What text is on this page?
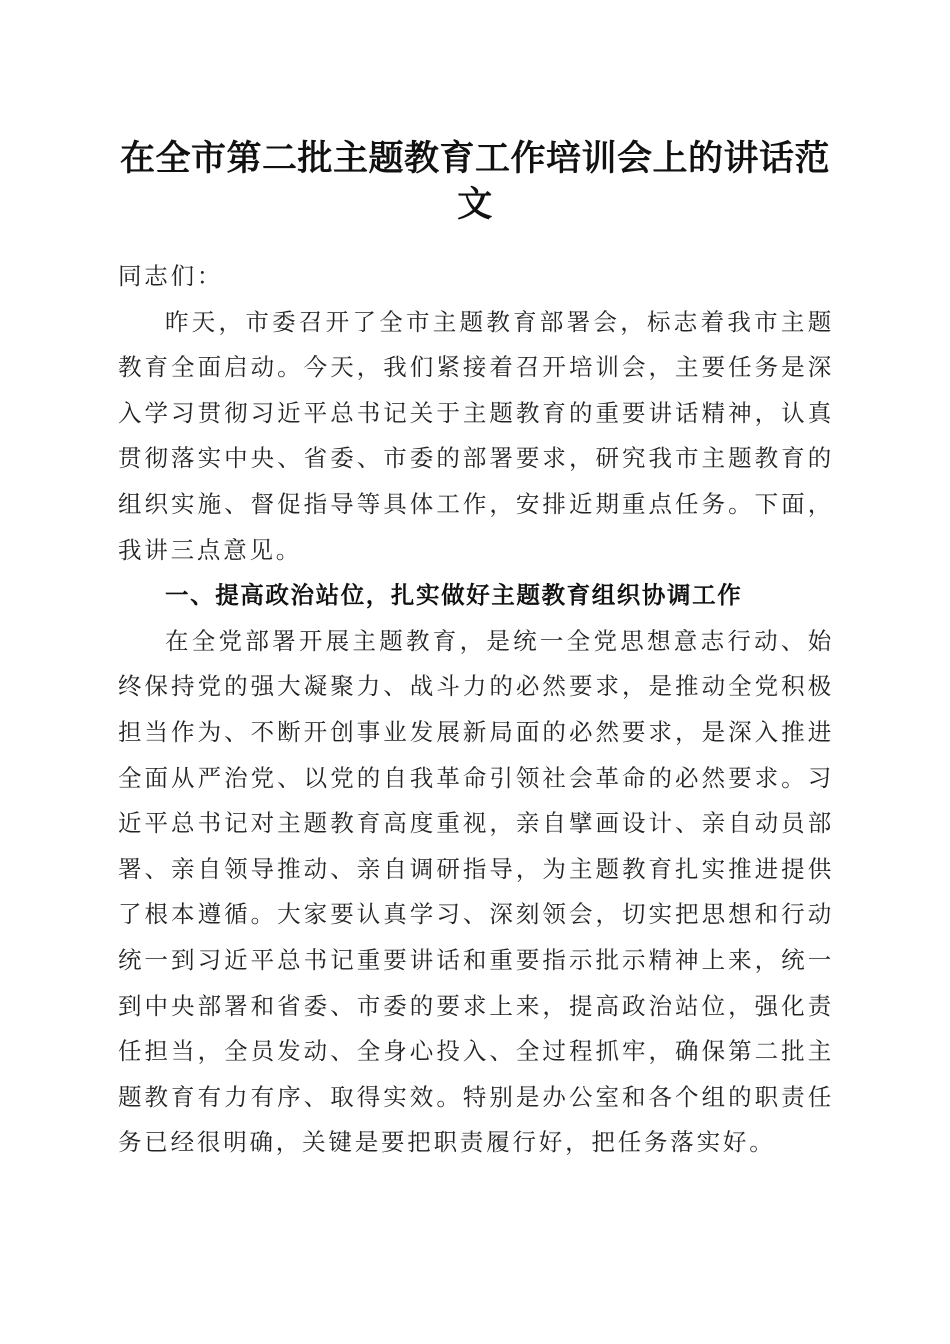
在全市第二批主题教育工作培训会上的讲话范文

同志们：

昨天，市委召开了全市主题教育部署会，标志着我市主题教育全面启动。今天，我们紧接着召开培训会，主要任务是深入学习贯彻习近平总书记关于主题教育的重要讲话精神，认真贯彻落实中央、省委、市委的部署要求，研究我市主题教育的组织实施、督促指导等具体工作，安排近期重点任务。下面，我讲三点意见。

一、提高政治站位，扎实做好主题教育组织协调工作

在全党部署开展主题教育，是统一全党思想意志行动、始终保持党的强大凝聚力、战斗力的必然要求，是推动全党积极担当作为、不断开创事业发展新局面的必然要求，是深入推进全面从严治党、以党的自我革命引领社会革命的必然要求。习近平总书记对主题教育高度重视，亲自擘画设计、亲自动员部署、亲自领导推动、亲自调研指导，为主题教育扎实推进提供了根本遵循。大家要认真学习、深刻领会，切实把思想和行动统一到习近平总书记重要讲话和重要指示批示精神上来，统一到中央部署和省委、市委的要求上来，提高政治站位，强化责任担当，全员发动、全身心投入、全过程抓牢，确保第二批主题教育有力有序、取得实效。特别是办公室和各个组的职责任务已经很明确，关键是要把职责履行好，把任务落实好。
